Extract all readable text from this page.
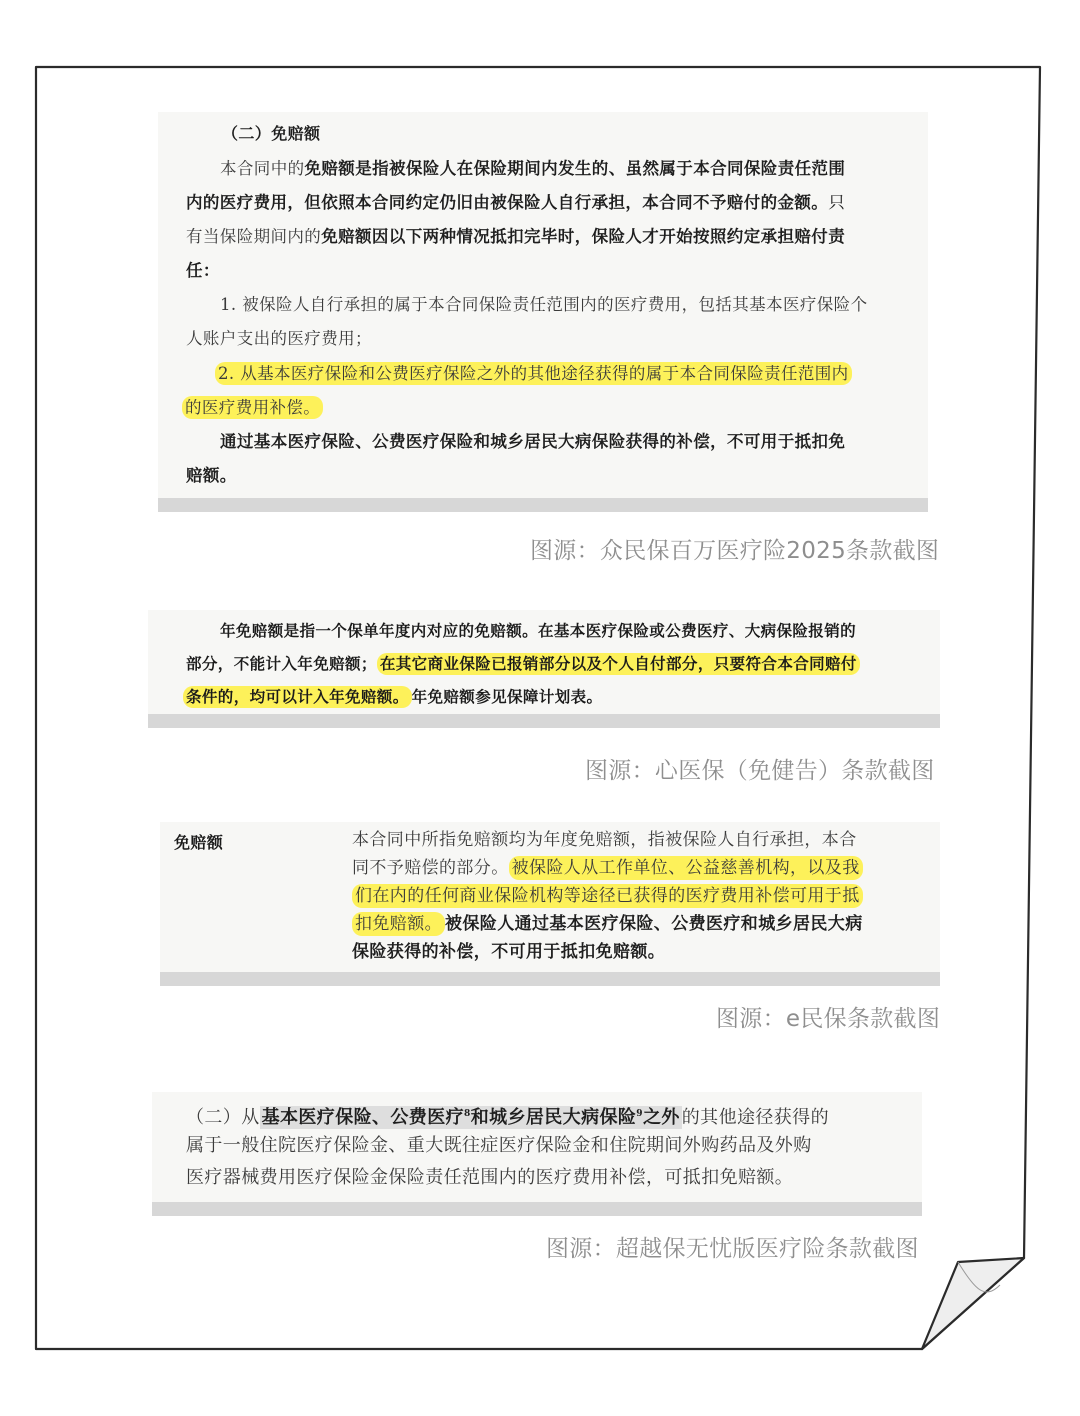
（二）免赔额

本合同中的免赔额是指被保险人在保险期间内发生的、虽然属于本合同保险责任范围

内的医疗费用，但依照本合同约定仍旧由被保险人自行承担，本合同不予赔付的金额。只

有当保险期间内的免赔额因以下两种情况抵扣完毕时，保险人才开始按照约定承担赔付责

任：

1. 被保险人自行承担的属于本合同保险责任范围内的医疗费用，包括其基本医疗保险个

人账户支出的医疗费用；

2. 从基本医疗保险和公费医疗保险之外的其他途径获得的属于本合同保险责任范围内

的医疗费用补偿。

通过基本医疗保险、公费医疗保险和城乡居民大病保险获得的补偿，不可用于抵扣免

赔额。

图源：众民保百万医疗险2025条款截图

年免赔额是指一个保单年度内对应的免赔额。在基本医疗保险或公费医疗、大病保险报销的

部分，不能计入年免赔额； 在其它商业保险已报销部分以及个人自付部分，只要符合本合同赔付

条件的，均可以计入年免赔额。 年免赔额参见保障计划表。

图源：心医保（免健告）条款截图

免赔额	本合同中所指免赔额均为年度免赔额，指被保险人自行承担，本合

同不予赔偿的部分。 被保险人从工作单位、公益慈善机构，以及我

们在内的任何商业保险机构等途径已获得的医疗费用补偿可用于抵

扣免赔额。 被保险人通过基本医疗保险、公费医疗和城乡居民大病

保险获得的补偿，不可用于抵扣免赔额。

图源：e民保条款截图

（二）从 基本医疗保险、公费医疗$^8$和城乡居民大病保险$^9$之外 的其他途径获得的

属于一般住院医疗保险金、重大既往症医疗保险金和住院期间外购药品及外购

医疗器械费用医疗保险金保险责任范围内的医疗费用补偿，可抵扣免赔额。

图源：超越保无忧版医疗险条款截图
